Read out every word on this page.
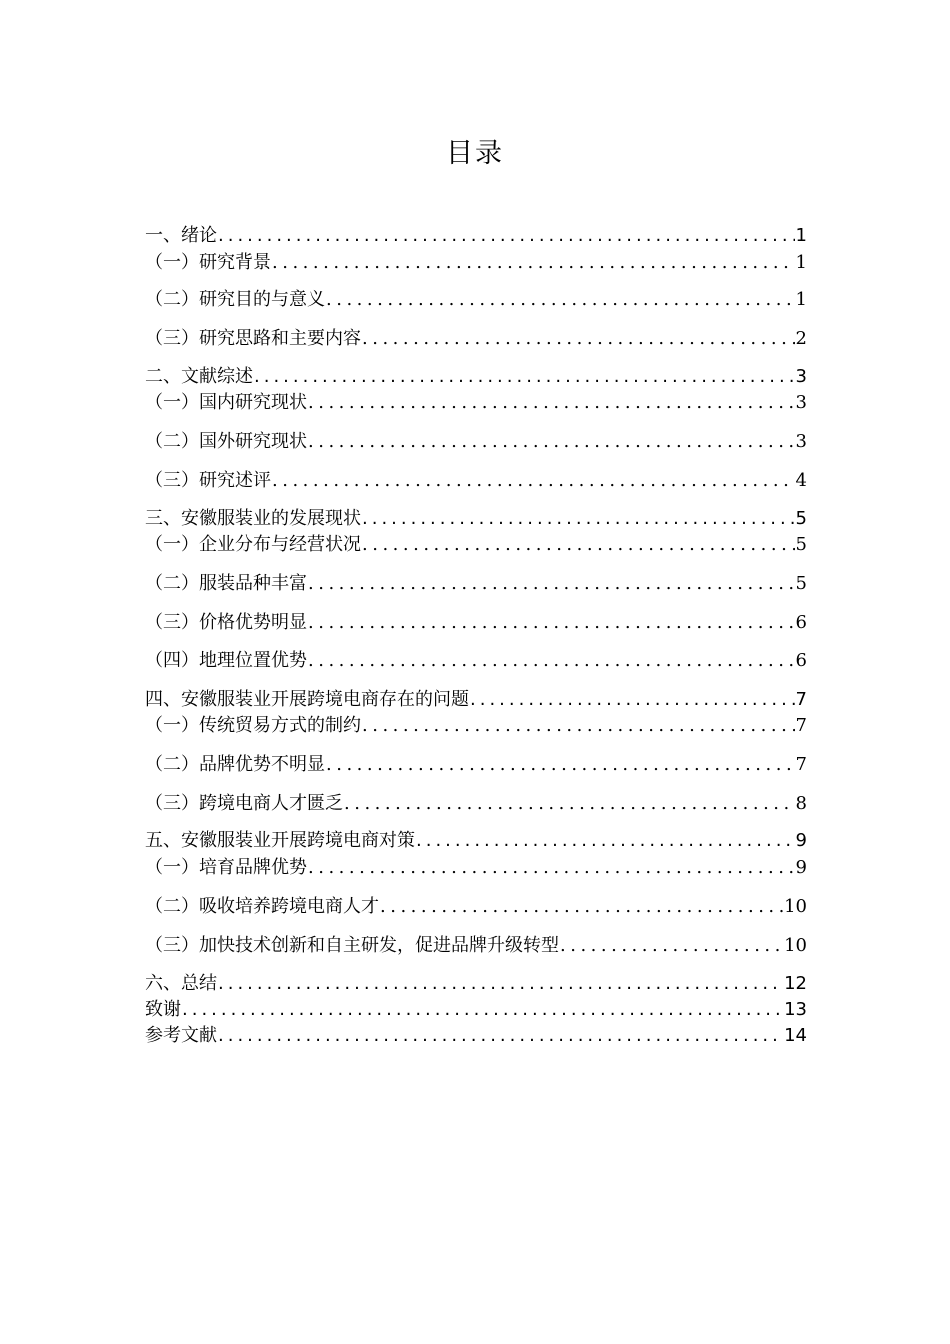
目录
一、绪论 .....	1
（一）研究背景 .....	1
（二）研究目的与意义 .....	1
（三）研究思路和主要内容 .....	2
二、文献综述 .....	3
（一）国内研究现状 .....	3
（二）国外研究现状 .....	3
（三）研究述评 .....	4
三、安徽服装业的发展现状 .....	5
（一）企业分布与经营状况 .....	5
（二）服装品种丰富 .....	5
（三）价格优势明显 .....	6
（四）地理位置优势 .....	6
四、安徽服装业开展跨境电商存在的问题 .....	7
（一）传统贸易方式的制约 .....	7
（二）品牌优势不明显 .....	7
（三）跨境电商人才匮乏 .....	8
五、安徽服装业开展跨境电商对策 .....	9
（一）培育品牌优势 .....	9
（二）吸收培养跨境电商人才 .....	10
（三）加快技术创新和自主研发，促进品牌升级转型 .....	10
六、总结 .....	12
致谢 .....	13
参考文献 .....	14
